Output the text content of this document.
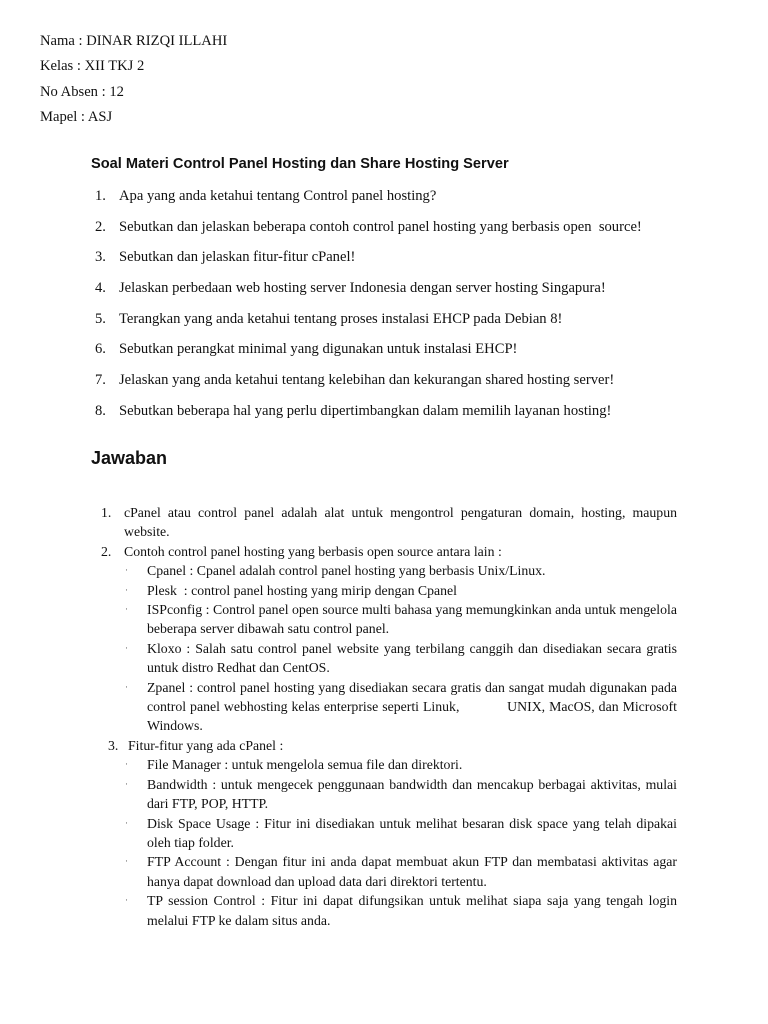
Nama : DINAR RIZQI ILLAHI
Kelas : XII TKJ 2
No Absen : 12
Mapel : ASJ
Soal Materi Control Panel Hosting dan Share Hosting Server
1. Apa yang anda ketahui tentang Control panel hosting?
2. Sebutkan dan jelaskan beberapa contoh control panel hosting yang berbasis open  source!
3. Sebutkan dan jelaskan fitur-fitur cPanel!
4. Jelaskan perbedaan web hosting server Indonesia dengan server hosting Singapura!
5. Terangkan yang anda ketahui tentang proses instalasi EHCP pada Debian 8!
6. Sebutkan perangkat minimal yang digunakan untuk instalasi EHCP!
7. Jelaskan yang anda ketahui tentang kelebihan dan kekurangan shared hosting server!
8. Sebutkan beberapa hal yang perlu dipertimbangkan dalam memilih layanan hosting!
Jawaban
1. cPanel atau control panel adalah alat untuk mengontrol pengaturan domain, hosting, maupun
website.
2. Contoh control panel hosting yang berbasis open source antara lain :
· Cpanel : Cpanel adalah control panel hosting yang berbasis Unix/Linux.
· Plesk  : control panel hosting yang mirip dengan Cpanel
· ISPconfig : Control panel open source multi bahasa yang memungkinkan anda untuk mengelola
beberapa server dibawah satu control panel.
· Kloxo : Salah satu control panel website yang terbilang canggih dan disediakan secara gratis
untuk distro Redhat dan CentOS.
· Zpanel : control panel hosting yang disediakan secara gratis dan sangat mudah digunakan pada
control panel webhosting kelas enterprise seperti Linuk,            UNIX, MacOS, dan Microsoft
Windows.
3. Fitur-fitur yang ada cPanel :
· File Manager : untuk mengelola semua file dan direktori.
· Bandwidth : untuk mengecek penggunaan bandwidth dan mencakup berbagai aktivitas, mulai
dari FTP, POP, HTTP.
· Disk Space Usage : Fitur ini disediakan untuk melihat besaran disk space yang telah dipakai
oleh tiap folder.
· FTP Account : Dengan fitur ini anda dapat membuat akun FTP dan membatasi aktivitas agar
hanya dapat download dan upload data dari direktori tertentu.
· TP session Control : Fitur ini dapat difungsikan untuk melihat siapa saja yang tengah login
melalui FTP ke dalam situs anda.
